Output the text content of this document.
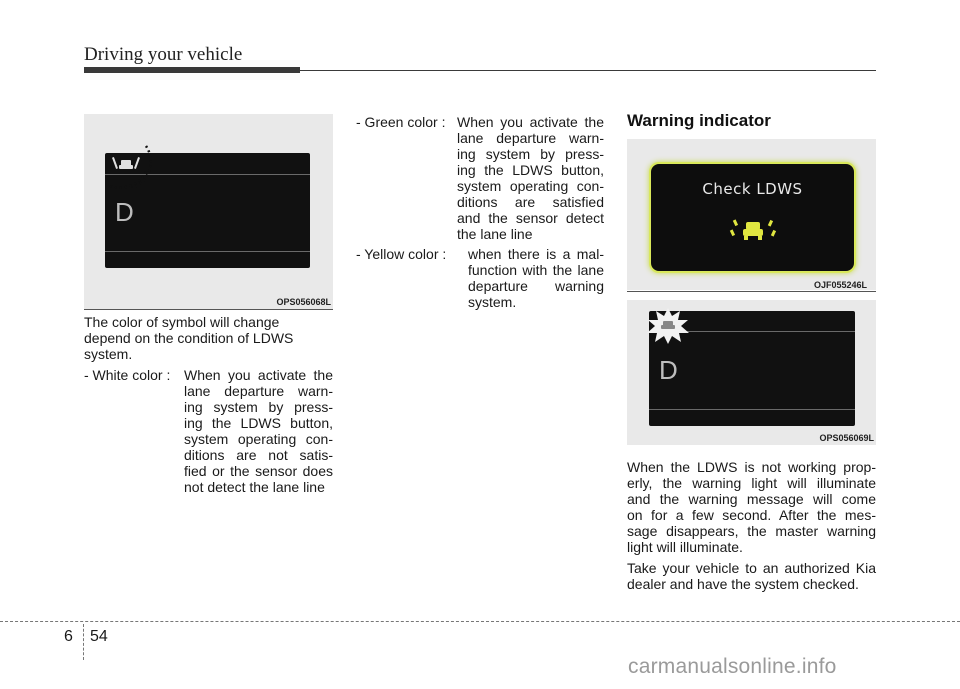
Driving your vehicle
D
OPS056068L
The color of symbol will change
depend on the condition of LDWS
system.
- White color : When you activate the
lane departure warn-
ing system by press-
ing the LDWS button,
system operating con-
ditions are not satis-
fied or the sensor does
not detect the lane line
- Green color : When you activate the
lane departure warn-
ing system by press-
ing the LDWS button,
system operating con-
ditions are satisfied
and the sensor detect
the lane line
- Yellow color : when there is a mal-
function with the lane
departure warning
system.
Warning indicator
Check LDWS
OJF055246L
D
OPS056069L
When the LDWS is not working prop-
erly, the warning light will illuminate
and the warning message will come
on for a few second. After the mes-
sage disappears, the master warning
light will illuminate.
Take your vehicle to an authorized Kia
dealer and have the system checked.
6 54
carmanualsonline.info
